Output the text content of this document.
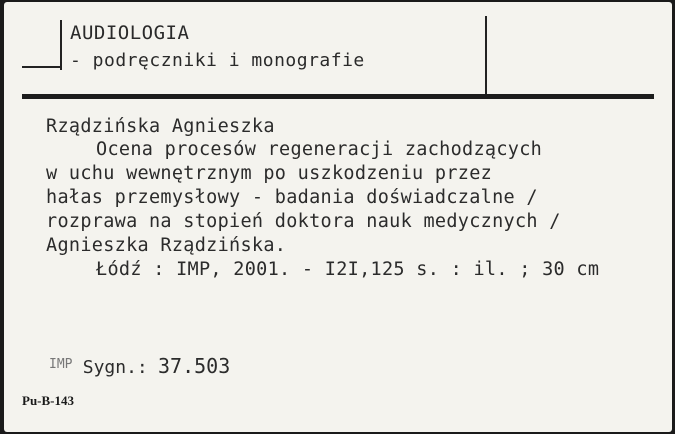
AUDIOLOGIA
- podręczniki i monografie
Rządzińska Agnieszka
Ocena procesów regeneracji zachodzących
w uchu wewnętrznym po uszkodzeniu przez
hałas przemysłowy - badania doświadczalne /
rozprawa na stopień doktora nauk medycznych /
Agnieszka Rządzińska.
Łódź : IMP, 2001. - I2I,125 s. : il. ; 30 cm
$^{IMP}$ Sygn.: 37.503
Pu-B-143
